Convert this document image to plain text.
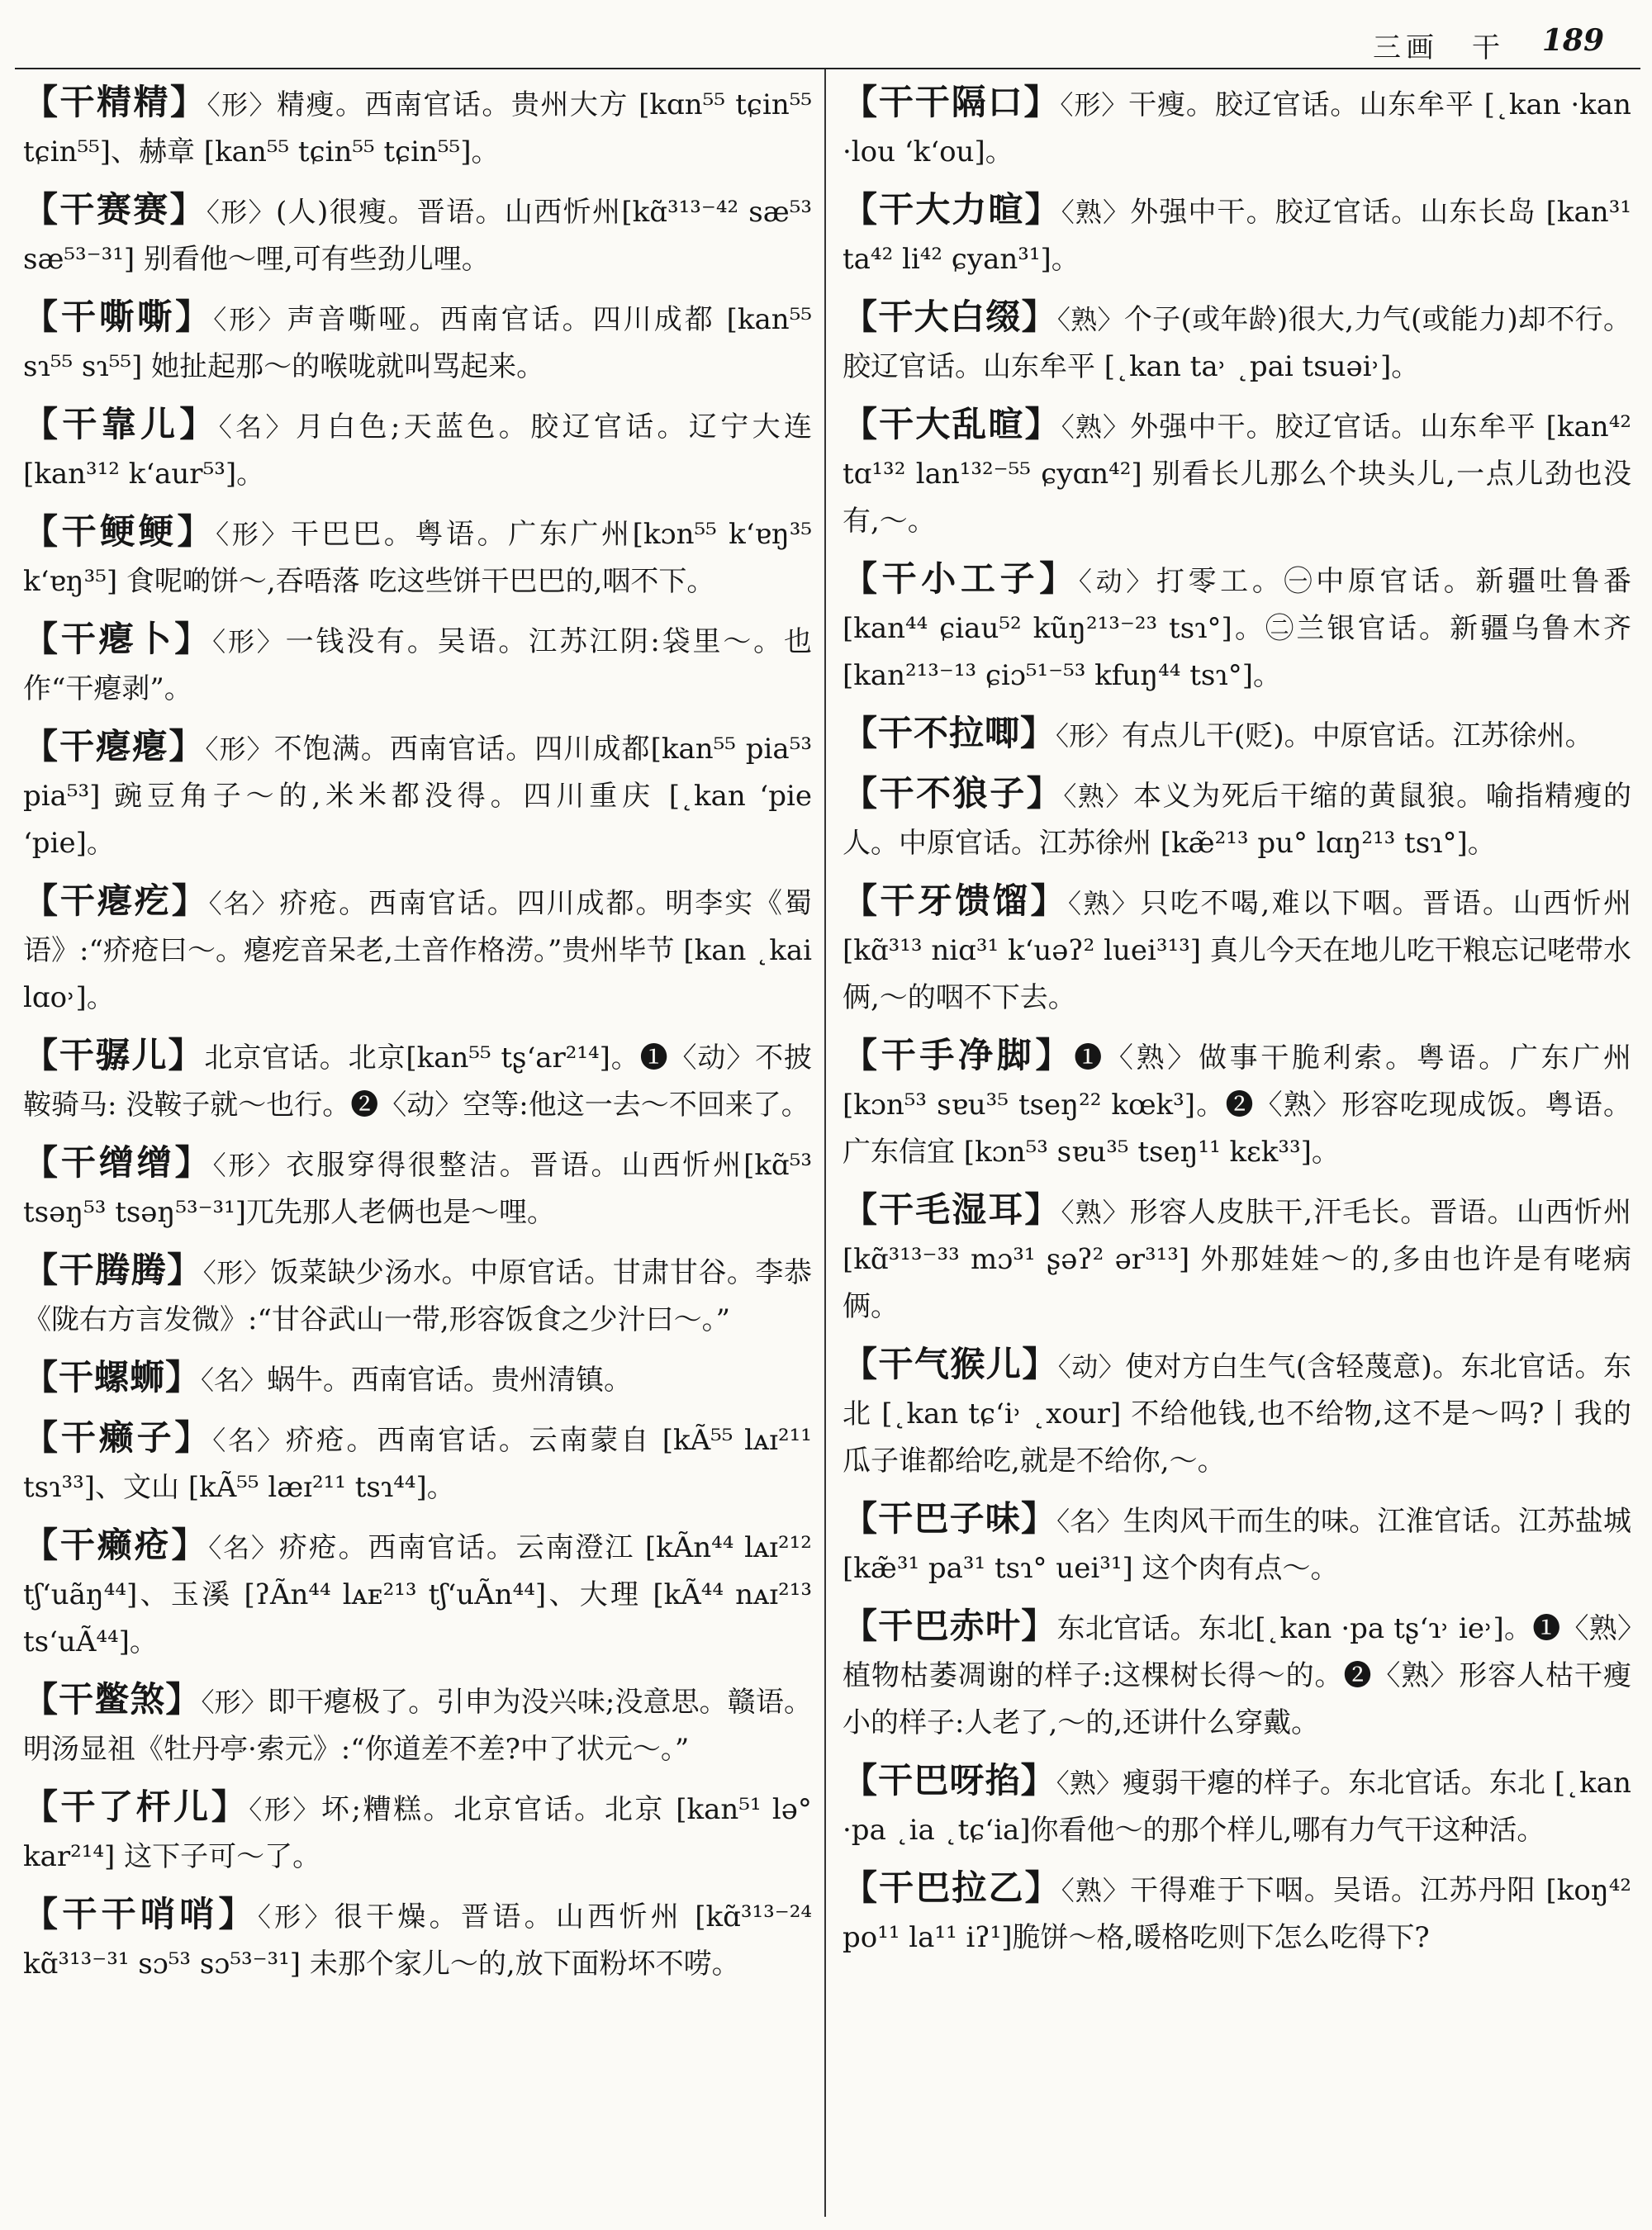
三画　干 189
【干精精】〈形〉精瘦。西南官话。贵州大方 [kɑn⁵⁵ tɕin⁵⁵ tɕin⁵⁵]、赫章 [kan⁵⁵ tɕin⁵⁵ tɕin⁵⁵]。
【干赛赛】〈形〉(人)很瘦。晋语。山西忻州[kɑ̃³¹³⁻⁴² sæ⁵³ sæ⁵³⁻³¹] 别看他～哩,可有些劲儿哩。
【干嘶嘶】〈形〉声音嘶哑。西南官话。四川成都 [kan⁵⁵ sɿ⁵⁵ sɿ⁵⁵] 她扯起那～的喉咙就叫骂起来。
【干靠儿】〈名〉月白色;天蓝色。胶辽官话。辽宁大连 [kan³¹² k‘aur⁵³]。
【干鲠鲠】〈形〉干巴巴。粤语。广东广州[kɔn⁵⁵ k‘ɐŋ³⁵ k‘ɐŋ³⁵] 食呢啲饼～,吞唔落 吃这些饼干巴巴的,咽不下。
【干瘪卜】〈形〉一钱没有。吴语。江苏江阴:袋里～。也作“干瘪剥”。
【干瘪瘪】〈形〉不饱满。西南官话。四川成都[kan⁵⁵ pia⁵³ pia⁵³] 豌豆角子～的,米米都没得。四川重庆 [˛kan ‘pie ‘pie]。
【干瘪疙】〈名〉疥疮。西南官话。四川成都。明李实《蜀语》:“疥疮曰～。瘪疙音呆老,土音作格涝。”贵州毕节 [kan ˛kai lɑo˒]。
【干骣儿】北京官话。北京[kan⁵⁵ tʂ‘ar²¹⁴]。❶〈动〉不披鞍骑马: 没鞍子就～也行。❷〈动〉空等:他这一去～不回来了。
【干缯缯】〈形〉衣服穿得很整洁。晋语。山西忻州[kɑ̃⁵³ tsəŋ⁵³ tsəŋ⁵³⁻³¹]兀先那人老俩也是～哩。
【干腾腾】〈形〉饭菜缺少汤水。中原官话。甘肃甘谷。李恭《陇右方言发微》:“甘谷武山一带,形容饭食之少汁曰～。”
【干螺蛳】〈名〉蜗牛。西南官话。贵州清镇。
【干癞子】〈名〉疥疮。西南官话。云南蒙自 [kÃ⁵⁵ lᴀɪ²¹¹ tsɿ³³]、文山 [kÃ⁵⁵ læɪ²¹¹ tsɿ⁴⁴]。
【干癞疮】〈名〉疥疮。西南官话。云南澄江 [kÃn⁴⁴ lᴀɪ²¹² tʃ‘uãŋ⁴⁴]、玉溪 [ʔÃn⁴⁴ lᴀᴇ²¹³ tʃ‘uÃn⁴⁴]、大理 [kÃ⁴⁴ nᴀɪ²¹³ ts‘uÃ⁴⁴]。
【干鳖煞】〈形〉即干瘪极了。引申为没兴味;没意思。赣语。明汤显祖《牡丹亭·索元》:“你道差不差?中了状元～。”
【干了杆儿】〈形〉坏;糟糕。北京官话。北京 [kan⁵¹ lə° kar²¹⁴] 这下子可～了。
【干干哨哨】〈形〉很干燥。晋语。山西忻州 [kɑ̃³¹³⁻²⁴ kɑ̃³¹³⁻³¹ sɔ⁵³ sɔ⁵³⁻³¹] 未那个家儿～的,放下面粉坏不唠。
【干干隔口】〈形〉干瘦。胶辽官话。山东牟平 [˛kan ·kan ·lou ‘k‘ou]。
【干大力暄】〈熟〉外强中干。胶辽官话。山东长岛 [kan³¹ ta⁴² li⁴² ɕyan³¹]。
【干大白缀】〈熟〉个子(或年龄)很大,力气(或能力)却不行。胶辽官话。山东牟平 [˛kan ta˒ ˛pai tsuəi˒]。
【干大乱暄】〈熟〉外强中干。胶辽官话。山东牟平 [kan⁴² tɑ¹³² lan¹³²⁻⁵⁵ ɕyɑn⁴²] 别看长儿那么个块头儿,一点儿劲也没有,～。
【干小工子】〈动〉打零工。㊀中原官话。新疆吐鲁番 [kan⁴⁴ ɕiau⁵² kũŋ²¹³⁻²³ tsɿ°]。㊁兰银官话。新疆乌鲁木齐 [kan²¹³⁻¹³ ɕiɔ⁵¹⁻⁵³ kfuŋ⁴⁴ tsɿ°]。
【干不拉唧】〈形〉有点儿干(贬)。中原官话。江苏徐州。
【干不狼子】〈熟〉本义为死后干缩的黄鼠狼。喻指精瘦的人。中原官话。江苏徐州 [kæ̃²¹³ pu° lɑŋ²¹³ tsɿ°]。
【干牙馈馏】〈熟〉只吃不喝,难以下咽。晋语。山西忻州 [kɑ̃³¹³ niɑ³¹ k‘uəʔ² luei³¹³] 真儿今天在地儿吃干粮忘记咾带水俩,～的咽不下去。
【干手净脚】❶〈熟〉做事干脆利索。粤语。广东广州 [kɔn⁵³ sɐu³⁵ tseŋ²² kœk³]。❷〈熟〉形容吃现成饭。粤语。广东信宜 [kɔn⁵³ sɐu³⁵ tseŋ¹¹ kɛk³³]。
【干毛湿耳】〈熟〉形容人皮肤干,汗毛长。晋语。山西忻州 [kɑ̃³¹³⁻³³ mɔ³¹ ʂəʔ² ər³¹³] 外那娃娃～的,多由也许是有咾病俩。
【干气猴儿】〈动〉使对方白生气(含轻蔑意)。东北官话。东北 [˛kan tɕ‘i˒ ˛xour] 不给他钱,也不给物,这不是～吗?丨我的瓜子谁都给吃,就是不给你,～。
【干巴子味】〈名〉生肉风干而生的味。江淮官话。江苏盐城 [kæ̃³¹ pa³¹ tsɿ° uei³¹] 这个肉有点～。
【干巴赤叶】东北官话。东北[˛kan ·pa tʂ‘ɿ˒ ie˒]。❶〈熟〉植物枯萎凋谢的样子:这棵树长得～的。❷〈熟〉形容人枯干瘦小的样子:人老了,～的,还讲什么穿戴。
【干巴呀掐】〈熟〉瘦弱干瘪的样子。东北官话。东北 [˛kan ·pa ˛ia ˛tɕ‘ia]你看他～的那个样儿,哪有力气干这种活。
【干巴拉乙】〈熟〉干得难于下咽。吴语。江苏丹阳 [koŋ⁴² po¹¹ la¹¹ iʔ¹]脆饼～格,暖格吃则下怎么吃得下?
